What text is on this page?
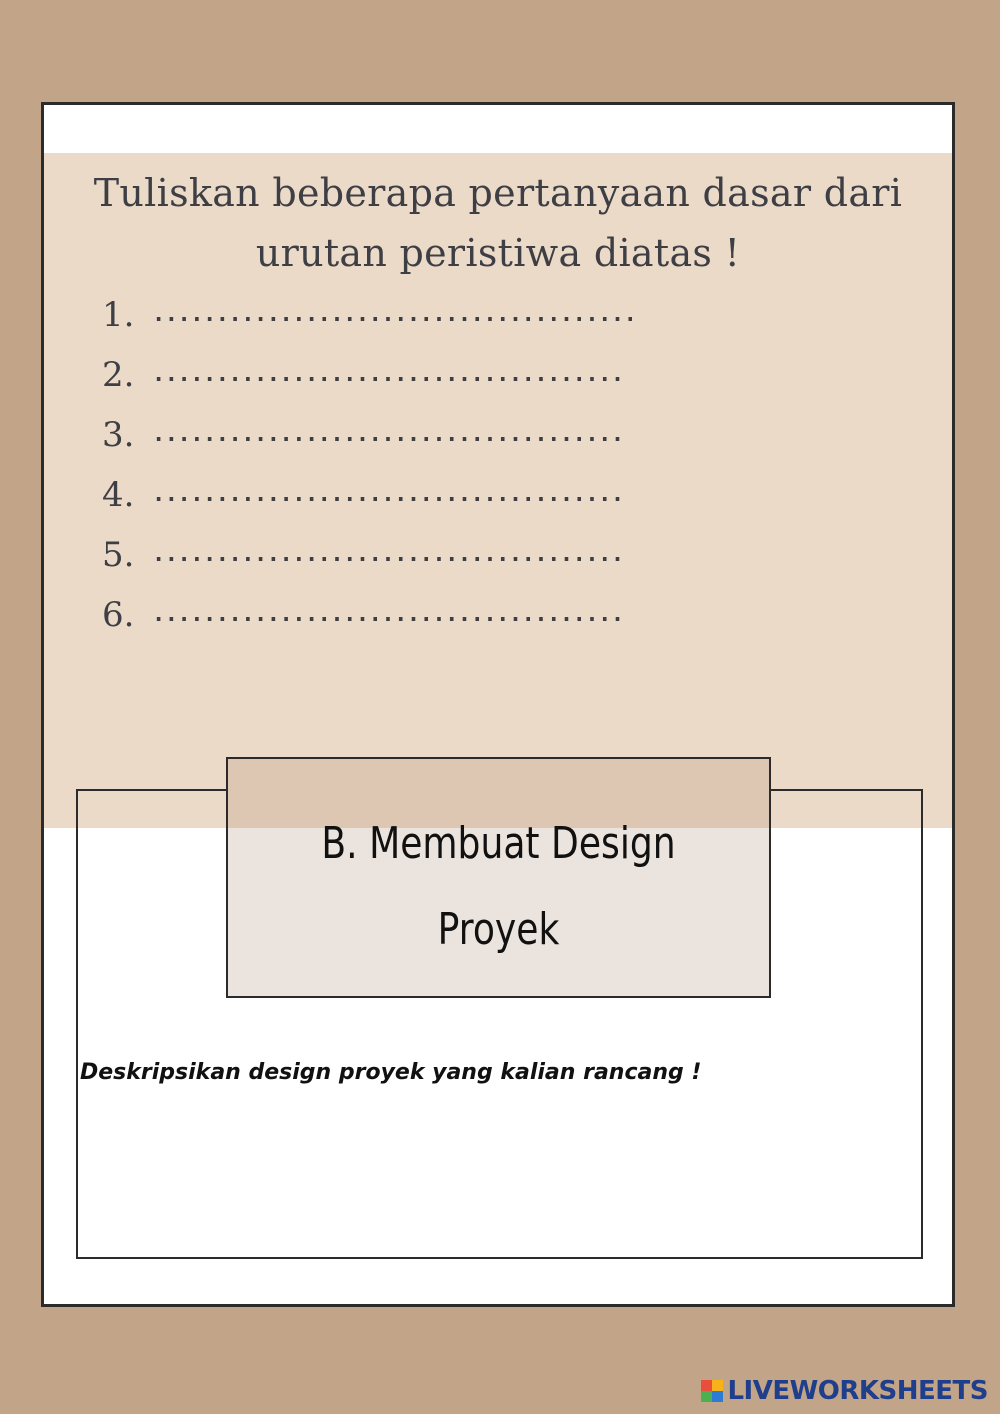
Tuliskan beberapa pertanyaan dasar dari
urutan peristiwa diatas !
1. ......................................
2. .....................................
3. .....................................
4. .....................................
5. .....................................
6. .....................................
B. Membuat Design
Proyek
Deskripsikan design proyek yang kalian rancang !
LIVEWORKSHEETS
